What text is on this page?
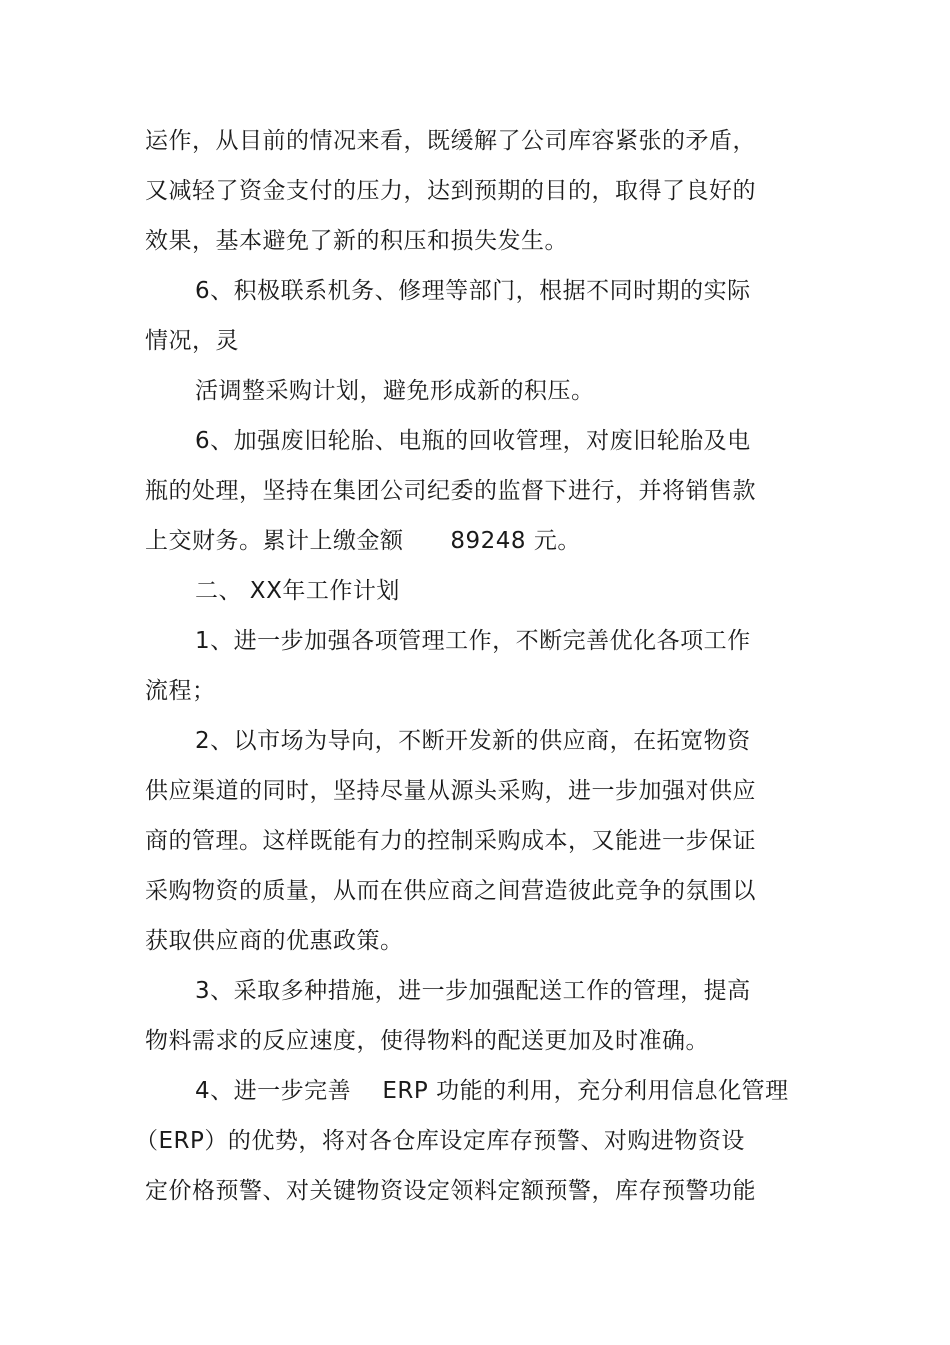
运作，从目前的情况来看，既缓解了公司库容紧张的矛盾，
又减轻了资金支付的压力，达到预期的目的，取得了良好的
效果，基本避免了新的积压和损失发生。
6、积极联系机务、修理等部门，根据不同时期的实际
情况，灵
活调整采购计划，避免形成新的积压。
6、加强废旧轮胎、电瓶的回收管理，对废旧轮胎及电
瓶的处理，坚持在集团公司纪委的监督下进行，并将销售款
上交财务。累计上缴金额      89248 元。
二、 XX年工作计划
1、进一步加强各项管理工作，不断完善优化各项工作
流程；
2、以市场为导向，不断开发新的供应商，在拓宽物资
供应渠道的同时，坚持尽量从源头采购，进一步加强对供应
商的管理。这样既能有力的控制采购成本，又能进一步保证
采购物资的质量，从而在供应商之间营造彼此竞争的氛围以
获取供应商的优惠政策。
3、采取多种措施，进一步加强配送工作的管理，提高
物料需求的反应速度，使得物料的配送更加及时准确。
4、进一步完善    ERP 功能的利用，充分利用信息化管理
（ERP）的优势，将对各仓库设定库存预警、对购进物资设
定价格预警、对关键物资设定领料定额预警，库存预警功能
